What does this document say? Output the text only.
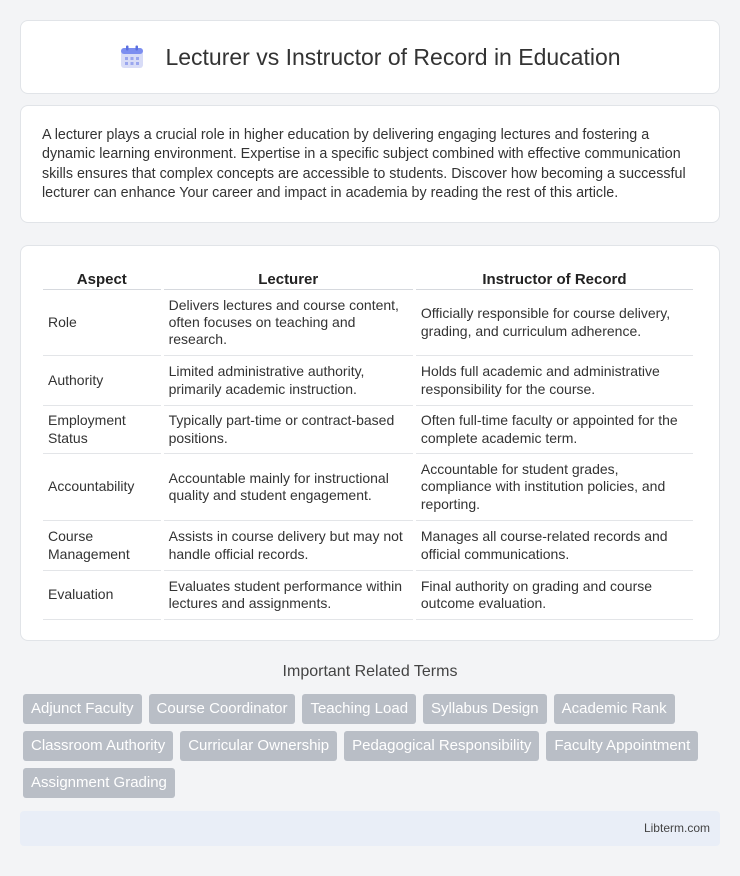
Lecturer vs Instructor of Record in Education

A lecturer plays a crucial role in higher education by delivering engaging lectures and fostering a dynamic learning environment. Expertise in a specific subject combined with effective communication skills ensures that complex concepts are accessible to students. Discover how becoming a successful lecturer can enhance Your career and impact in academia by reading the rest of this article.

Aspect	Lecturer	Instructor of Record
Role	Delivers lectures and course content, often focuses on teaching and research.	Officially responsible for course delivery, grading, and curriculum adherence.
Authority	Limited administrative authority, primarily academic instruction.	Holds full academic and administrative responsibility for the course.
Employment Status	Typically part-time or contract-based positions.	Often full-time faculty or appointed for the complete academic term.
Accountability	Accountable mainly for instructional quality and student engagement.	Accountable for student grades, compliance with institution policies, and reporting.
Course Management	Assists in course delivery but may not handle official records.	Manages all course-related records and official communications.
Evaluation	Evaluates student performance within lectures and assignments.	Final authority on grading and course outcome evaluation.
Important Related Terms
Adjunct Faculty	Course Coordinator	Teaching Load	Syllabus Design	Academic Rank
Classroom Authority	Curricular Ownership	Pedagogical Responsibility	Faculty Appointment
Assignment Grading
Libterm.com
